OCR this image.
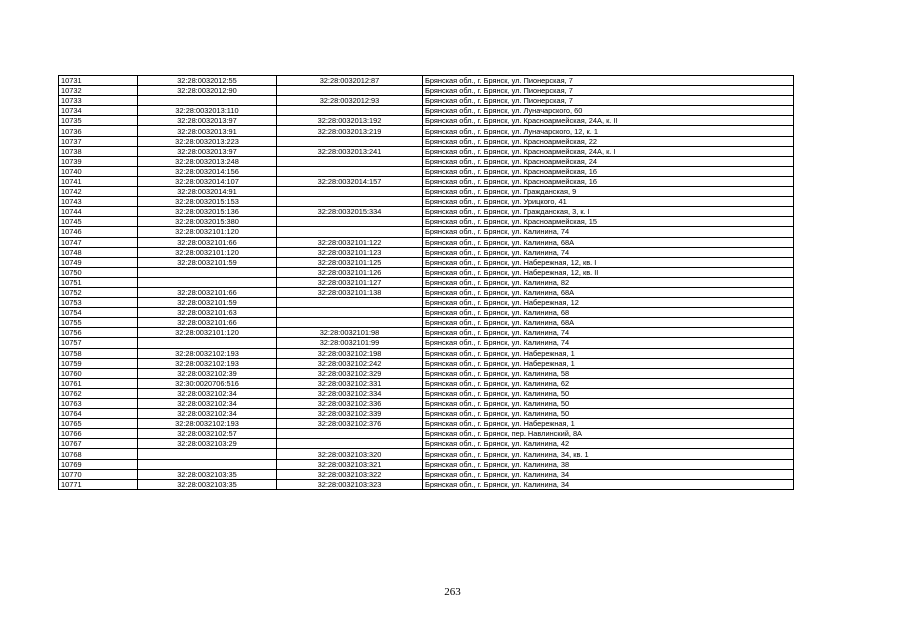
10731	32:28:0032012:55	32:28:0032012:87	Брянская обл., г. Брянск, ул. Пионерская, 7
10732	32:28:0032012:90		Брянская обл., г. Брянск, ул. Пионерская, 7
10733		32:28:0032012:93	Брянская обл., г. Брянск, ул. Пионерская, 7
10734	32:28:0032013:110		Брянская обл., г. Брянск, ул. Луначарского, 60
10735	32:28:0032013:97	32:28:0032013:192	Брянская обл., г. Брянск, ул. Красноармейская, 24А, к. II
10736	32:28:0032013:91	32:28:0032013:219	Брянская обл., г. Брянск, ул. Луначарского, 12, к. 1
10737	32:28:0032013:223		Брянская обл., г. Брянск, ул. Красноармейская, 22
10738	32:28:0032013:97	32:28:0032013:241	Брянская обл., г. Брянск, ул. Красноармейская, 24А, к. I
10739	32:28:0032013:248		Брянская обл., г. Брянск, ул. Красноармейская, 24
10740	32:28:0032014:156		Брянская обл., г. Брянск, ул. Красноармейская, 16
10741	32:28:0032014:107	32:28:0032014:157	Брянская обл., г. Брянск, ул. Красноармейская, 16
10742	32:28:0032014:91		Брянская обл., г. Брянск, ул. Гражданская, 9
10743	32:28:0032015:153		Брянская обл., г. Брянск, ул. Урицкого, 41
10744	32:28:0032015:136	32:28:0032015:334	Брянская обл., г. Брянск, ул. Гражданская, 3, к. I
10745	32:28:0032015:380		Брянская обл., г. Брянск, ул. Красноармейская, 15
10746	32:28:0032101:120		Брянская обл., г. Брянск, ул. Калинина, 74
10747	32:28:0032101:66	32:28:0032101:122	Брянская обл., г. Брянск, ул. Калинина, 68А
10748	32:28:0032101:120	32:28:0032101:123	Брянская обл., г. Брянск, ул. Калинина, 74
10749	32:28:0032101:59	32:28:0032101:125	Брянская обл., г. Брянск, ул. Набережная, 12, кв. I
10750		32:28:0032101:126	Брянская обл., г. Брянск, ул. Набережная, 12, кв. II
10751		32:28:0032101:127	Брянская обл., г. Брянск, ул. Калинина, 82
10752	32:28:0032101:66	32:28:0032101:138	Брянская обл., г. Брянск, ул. Калинина, 68А
10753	32:28:0032101:59		Брянская обл., г. Брянск, ул. Набережная, 12
10754	32:28:0032101:63		Брянская обл., г. Брянск, ул. Калинина, 68
10755	32:28:0032101:66		Брянская обл., г. Брянск, ул. Калинина, 68А
10756	32:28:0032101:120	32:28:0032101:98	Брянская обл., г. Брянск, ул. Калинина, 74
10757		32:28:0032101:99	Брянская обл., г. Брянск, ул. Калинина, 74
10758	32:28:0032102:193	32:28:0032102:198	Брянская обл., г. Брянск, ул. Набережная, 1
10759	32:28:0032102:193	32:28:0032102:242	Брянская обл., г. Брянск, ул. Набережная, 1
10760	32:28:0032102:39	32:28:0032102:329	Брянская обл., г. Брянск, ул. Калинина, 58
10761	32:30:0020706:516	32:28:0032102:331	Брянская обл., г. Брянск, ул. Калинина, 62
10762	32:28:0032102:34	32:28:0032102:334	Брянская обл., г. Брянск, ул. Калинина, 50
10763	32:28:0032102:34	32:28:0032102:336	Брянская обл., г. Брянск, ул. Калинина, 50
10764	32:28:0032102:34	32:28:0032102:339	Брянская обл., г. Брянск, ул. Калинина, 50
10765	32:28:0032102:193	32:28:0032102:376	Брянская обл., г. Брянск, ул. Набережная, 1
10766	32:28:0032102:57		Брянская обл., г. Брянск, пер. Навлинский, 8А
10767	32:28:0032103:29		Брянская обл., г. Брянск, ул. Калинина, 42
10768		32:28:0032103:320	Брянская обл., г. Брянск, ул. Калинина, 34, кв. 1
10769		32:28:0032103:321	Брянская обл., г. Брянск, ул. Калинина, 38
10770	32:28:0032103:35	32:28:0032103:322	Брянская обл., г. Брянск, ул. Калинина, 34
10771	32:28:0032103:35	32:28:0032103:323	Брянская обл., г. Брянск, ул. Калинина, 34
263
